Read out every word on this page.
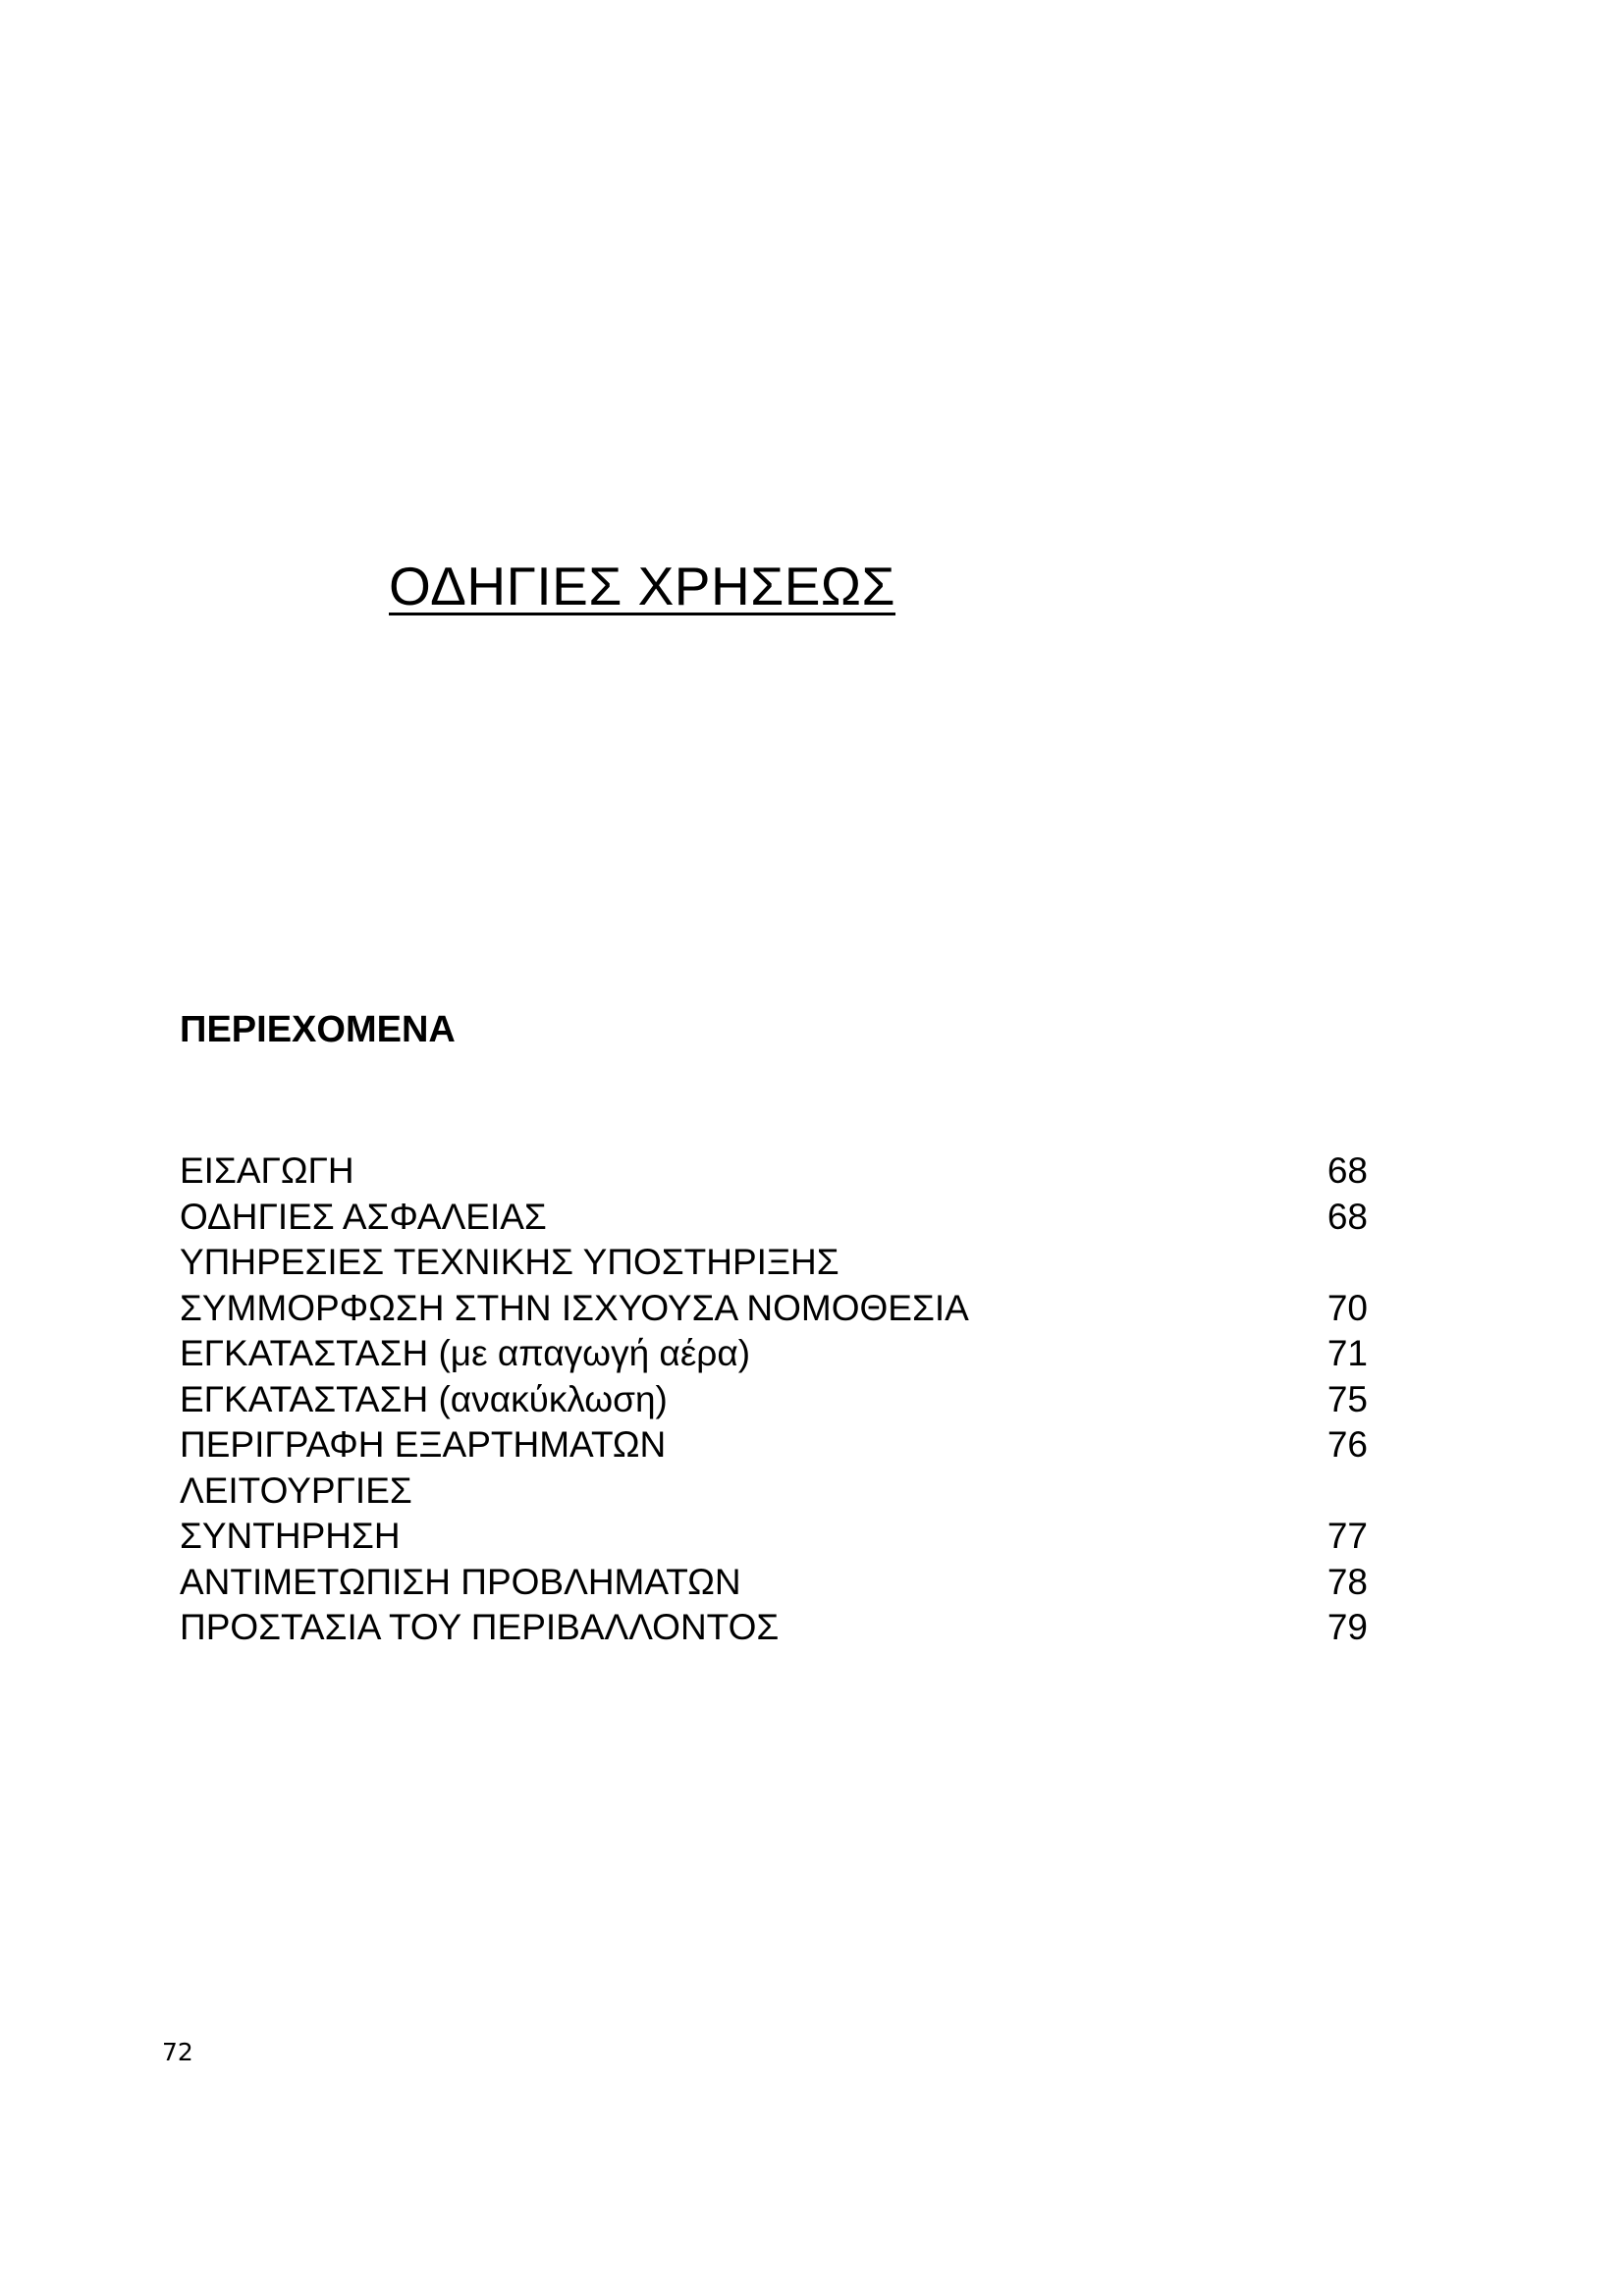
ΟΔΗΓΙΕΣ ΧΡΗΣΕΩΣ
ΠΕΡΙΕΧΟΜΕΝΑ
ΕΙΣΑΓΩΓΗ	68
ΟΔΗΓΙΕΣ ΑΣΦΑΛΕΙΑΣ	68
ΥΠΗΡΕΣΙΕΣ ΤΕΧΝΙΚΗΣ ΥΠΟΣΤΗΡΙΞΗΣ
ΣΥΜΜΟΡΦΩΣΗ ΣΤΗΝ ΙΣΧΥΟΥΣΑ ΝΟΜΟΘΕΣΙΑ	70
ΕΓΚΑΤΑΣΤΑΣΗ (με απαγωγή αέρα)	71
ΕΓΚΑΤΑΣΤΑΣΗ (ανακύκλωση)	75
ΠΕΡΙΓΡΑΦΗ ΕΞΑΡΤΗΜΑΤΩΝ	76
ΛΕΙΤΟΥΡΓΙΕΣ
ΣΥΝΤΗΡΗΣΗ	77
ΑΝΤΙΜΕΤΩΠΙΣΗ ΠΡΟΒΛΗΜΑΤΩΝ	78
ΠΡΟΣΤΑΣΙΑ ΤΟΥ ΠΕΡΙΒΑΛΛΟΝΤΟΣ	79
72
